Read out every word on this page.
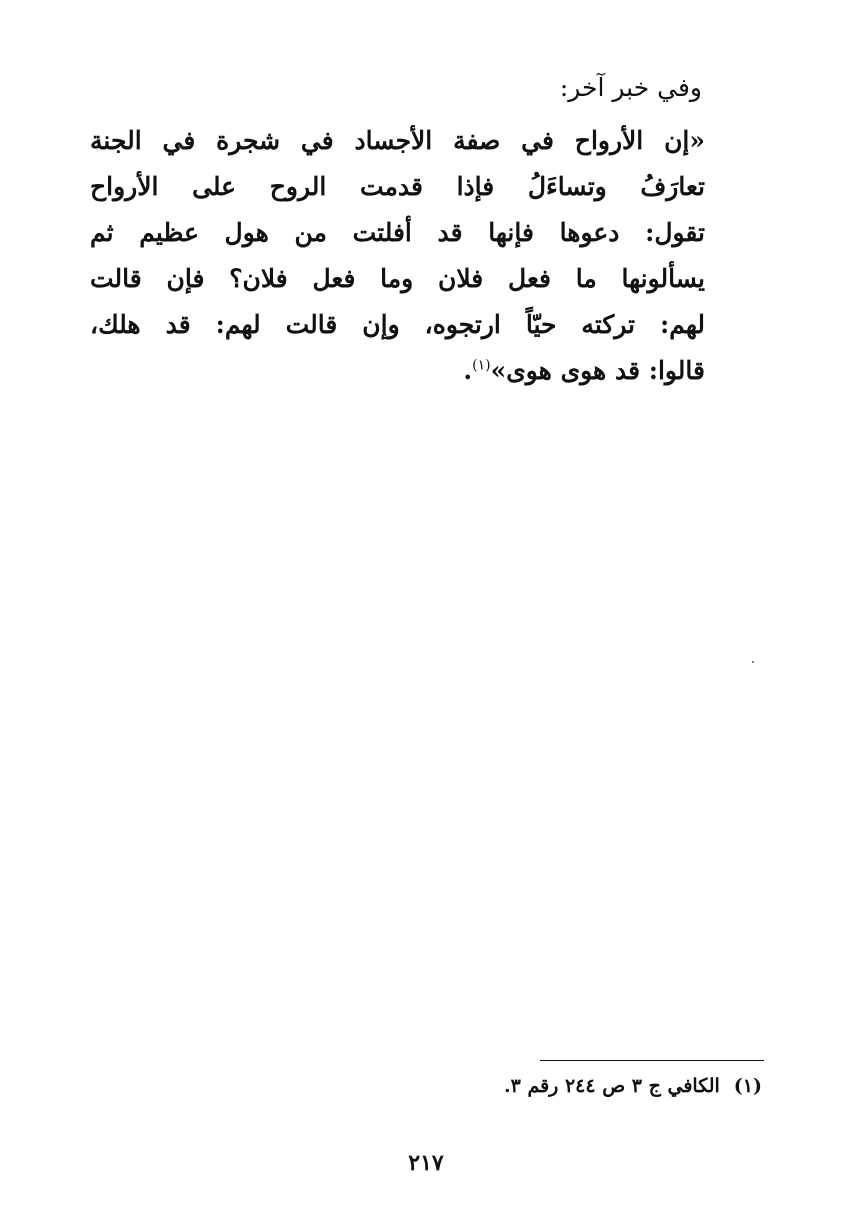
وفي خبر آخر:
«إن الأرواح في صفة الأجساد في شجرة في الجنة
تعارَفُ وتساءَلُ فإذا قدمت الروح على الأرواح
تقول: دعوها فإنها قد أفلتت من هول عظيم ثم
يسألونها ما فعل فلان وما فعل فلان؟ فإن قالت
لهم: تركته حيّاً ارتجوه، وإن قالت لهم: قد هلك،
قالوا: قد هوى هوى»$^{(١)}$.
(١)الكافي ج ٣ ص ٢٤٤ رقم ٣.
٢١٧
